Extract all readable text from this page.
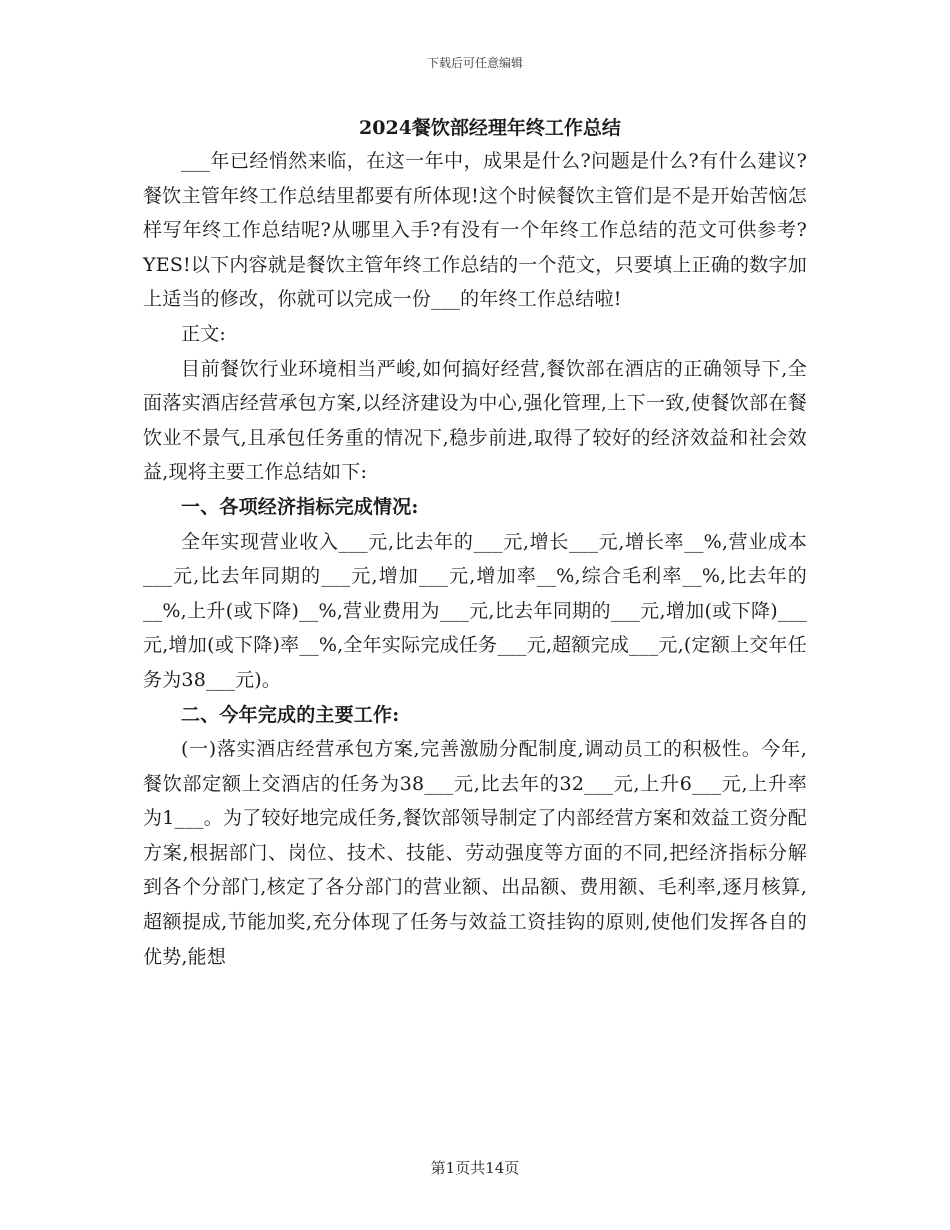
下载后可任意编辑

2024餐饮部经理年终工作总结

___年已经悄然来临，在这一年中，成果是什么?问题是什么?有什么建议?餐饮主管年终工作总结里都要有所体现!这个时候餐饮主管们是不是开始苦恼怎样写年终工作总结呢?从哪里入手?有没有一个年终工作总结的范文可供参考?YES!以下内容就是餐饮主管年终工作总结的一个范文，只要填上正确的数字加上适当的修改，你就可以完成一份___的年终工作总结啦!

正文:

目前餐饮行业环境相当严峻,如何搞好经营,餐饮部在酒店的正确领导下,全面落实酒店经营承包方案,以经济建设为中心,强化管理,上下一致,使餐饮部在餐饮业不景气,且承包任务重的情况下,稳步前进,取得了较好的经济效益和社会效益,现将主要工作总结如下:

一、各项经济指标完成情况:

全年实现营业收入___元,比去年的___元,增长___元,增长率__%,营业成本___元,比去年同期的___元,增加___元,增加率__%,综合毛利率__%,比去年的__%,上升(或下降)__%,营业费用为___元,比去年同期的___元,增加(或下降)___元,增加(或下降)率__%,全年实际完成任务___元,超额完成___元,(定额上交年任务为38___元)。

二、今年完成的主要工作:

(一)落实酒店经营承包方案,完善激励分配制度,调动员工的积极性。今年,餐饮部定额上交酒店的任务为38___元,比去年的32___元,上升6___元,上升率为1___。为了较好地完成任务,餐饮部领导制定了内部经营方案和效益工资分配方案,根据部门、岗位、技术、技能、劳动强度等方面的不同,把经济指标分解到各个分部门,核定了各分部门的营业额、出品额、费用额、毛利率,逐月核算,超额提成,节能加奖,充分体现了任务与效益工资挂钩的原则,使他们发挥各自的优势,能想

第1页共14页
